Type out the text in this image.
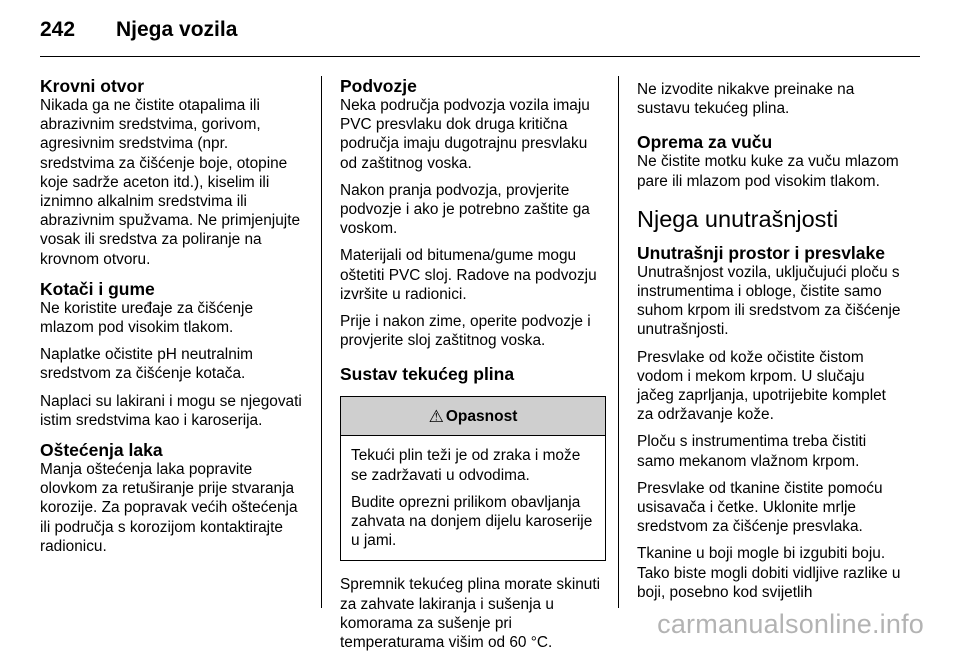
242 Njega vozila
Krovni otvor

Nikada ga ne čistite otapalima ili abrazivnim sredstvima, gorivom, agresivnim sredstvima (npr. sredstvima za čišćenje boje, otopine koje sadrže aceton itd.), kiselim ili iznimno alkalnim sredstvima ili abrazivnim spužvama. Ne primjenjujte vosak ili sredstva za poliranje na krovnom otvoru.

Kotači i gume

Ne koristite uređaje za čišćenje mlazom pod visokim tlakom.

Naplatke očistite pH neutralnim sredstvom za čišćenje kotača.

Naplaci su lakirani i mogu se njegovati istim sredstvima kao i karoserija.

Oštećenja laka

Manja oštećenja laka popravite olovkom za retuširanje prije stvaranja korozije. Za popravak većih oštećenja ili područja s korozijom kontaktirajte radionicu.

Podvozje

Neka područja podvozja vozila imaju PVC presvlaku dok druga kritična područja imaju dugotrajnu presvlaku od zaštitnog voska.

Nakon pranja podvozja, provjerite podvozje i ako je potrebno zaštite ga voskom.

Materijali od bitumena/gume mogu oštetiti PVC sloj. Radove na podvozju izvršite u radionici.

Prije i nakon zime, operite podvozje i provjerite sloj zaštitnog voska.

Sustav tekućeg plina
⚠ Opasnost

Tekući plin teži je od zraka i može se zadržavati u odvodima.

Budite oprezni prilikom obavljanja zahvata na donjem dijelu karoserije u jami.

Spremnik tekućeg plina morate skinuti za zahvate lakiranja i sušenja u komorama za sušenje pri temperaturama višim od 60 °C.

Ne izvodite nikakve preinake na sustavu tekućeg plina.

Oprema za vuču

Ne čistite motku kuke za vuču mlazom pare ili mlazom pod visokim tlakom.

Njega unutrašnjosti
Unutrašnji prostor i presvlake

Unutrašnjost vozila, uključujući ploču s instrumentima i obloge, čistite samo suhom krpom ili sredstvom za čišćenje unutrašnjosti.

Presvlake od kože očistite čistom vodom i mekom krpom. U slučaju jačeg zaprljanja, upotrijebite komplet za održavanje kože.

Ploču s instrumentima treba čistiti samo mekanom vlažnom krpom.

Presvlake od tkanine čistite pomoću usisavača i četke. Uklonite mrlje sredstvom za čišćenje presvlaka.

Tkanine u boji mogle bi izgubiti boju. Tako biste mogli dobiti vidljive razlike u boji, posebno kod svijetlih

carmanualsonline.info
